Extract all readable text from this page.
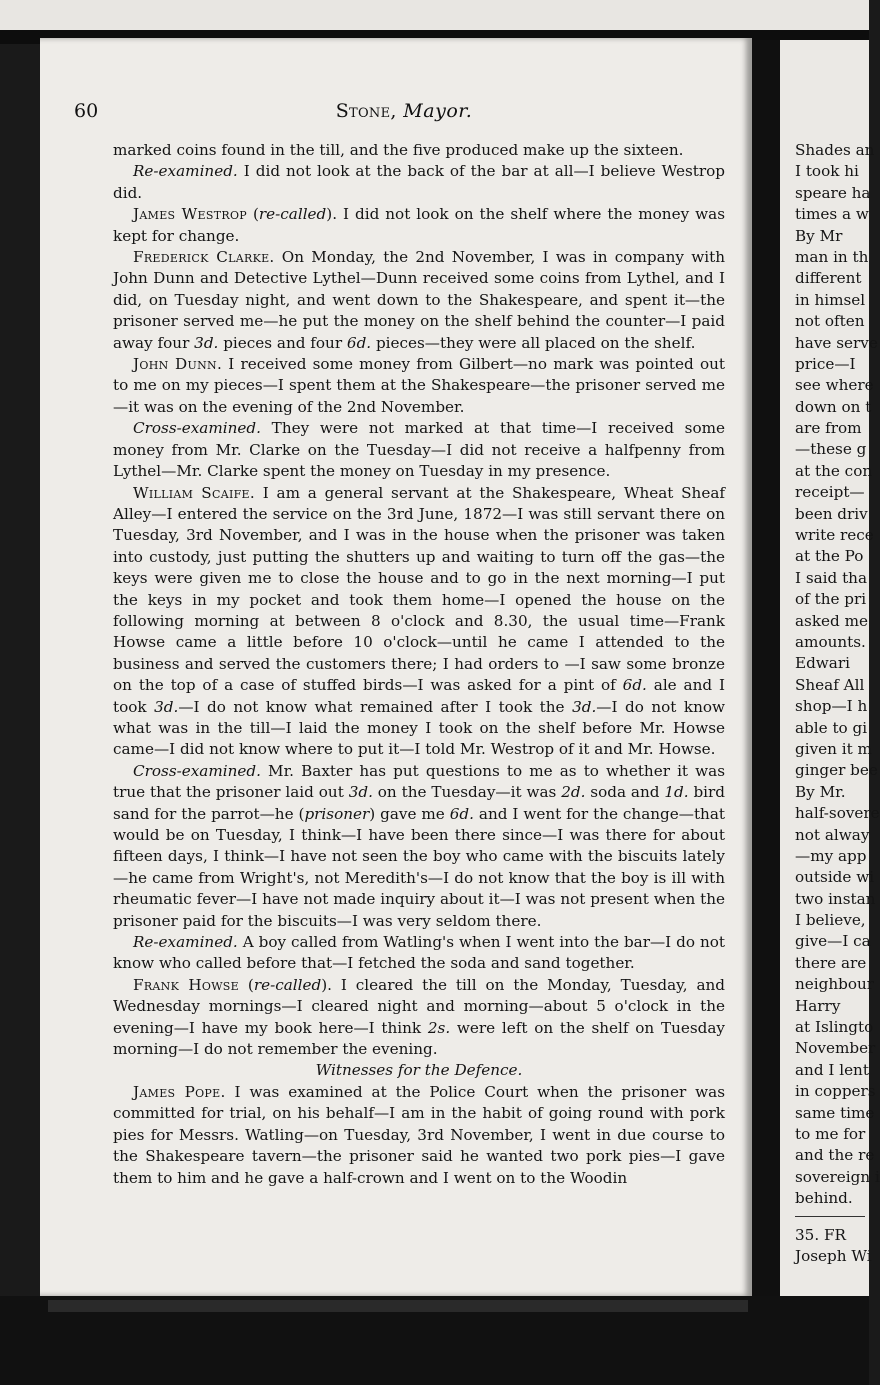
60	Stone, Mayor.

marked coins found in the till, and the five produced make up the sixteen.

Re-examined. I did not look at the back of the bar at all—I believe Westrop did.

James Westrop (re-called). I did not look on the shelf where the money was kept for change.

Frederick Clarke. On Monday, the 2nd November, I was in company with John Dunn and Detective Lythel—Dunn received some coins from Lythel, and I did, on Tuesday night, and went down to the Shakespeare, and spent it—the prisoner served me—he put the money on the shelf behind the counter—I paid away four 3d. pieces and four 6d. pieces—they were all placed on the shelf.

John Dunn. I received some money from Gilbert—no mark was pointed out to me on my pieces—I spent them at the Shakespeare—the prisoner served me—it was on the evening of the 2nd November.

Cross-examined. They were not marked at that time—I received some money from Mr. Clarke on the Tuesday—I did not receive a halfpenny from Lythel—Mr. Clarke spent the money on Tuesday in my presence.

William Scaife. I am a general servant at the Shakespeare, Wheat Sheaf Alley—I entered the service on the 3rd June, 1872—I was still servant there on Tuesday, 3rd November, and I was in the house when the prisoner was taken into custody, just putting the shutters up and waiting to turn off the gas—the keys were given me to close the house and to go in the next morning—I put the keys in my pocket and took them home—I opened the house on the following morning at between 8 o'clock and 8.30, the usual time—Frank Howse came a little before 10 o'clock—until he came I attended to the business and served the customers there; I had orders to —I saw some bronze on the top of a case of stuffed birds—I was asked for a pint of 6d. ale and I took 3d.—I do not know what remained after I took the 3d.—I do not know what was in the till—I laid the money I took on the shelf before Mr. Howse came—I did not know where to put it—I told Mr. Westrop of it and Mr. Howse.

Cross-examined. Mr. Baxter has put questions to me as to whether it was true that the prisoner laid out 3d. on the Tuesday—it was 2d. soda and 1d. bird sand for the parrot—he (prisoner) gave me 6d. and I went for the change—that would be on Tuesday, I think—I have been there since—I was there for about fifteen days, I think—I have not seen the boy who came with the biscuits lately—he came from Wright's, not Meredith's—I do not know that the boy is ill with rheumatic fever—I have not made inquiry about it—I was not present when the prisoner paid for the biscuits—I was very seldom there.

Re-examined. A boy called from Watling's when I went into the bar—I do not know who called before that—I fetched the soda and sand together.

Frank Howse (re-called). I cleared the till on the Monday, Tuesday, and Wednesday mornings—I cleared night and morning—about 5 o'clock in the evening—I have my book here—I think 2s. were left on the shelf on Tuesday morning—I do not remember the evening.

Witnesses for the Defence.

James Pope. I was examined at the Police Court when the prisoner was committed for trial, on his behalf—I am in the habit of going round with pork pies for Messrs. Watling—on Tuesday, 3rd November, I went in due course to the Shakespeare tavern—the prisoner said he wanted two pork pies—I gave them to him and he gave a half-crown and I went on to the Woodin

Shades an
I took hi
speare ha
times a w
By Mr
man in th
different
in himsel
not often
have serve
price—I
see where
down on t
are from
—these g
at the con
receipt—
been driv
write rece
at the Po
I said tha
of the pri
asked me
amounts.
Edwari
Sheaf All
shop—I h
able to gi
given it m
ginger bee
By Mr.
half-sovere
not alway
—my app
outside wi
two instan
I believe,
give—I ca
there are
neighbour
Harry
at Islingto
November
and I lent
in coppers
same time
to me for
and the re
sovereign i
behind.
35. FR
Joseph Wi
